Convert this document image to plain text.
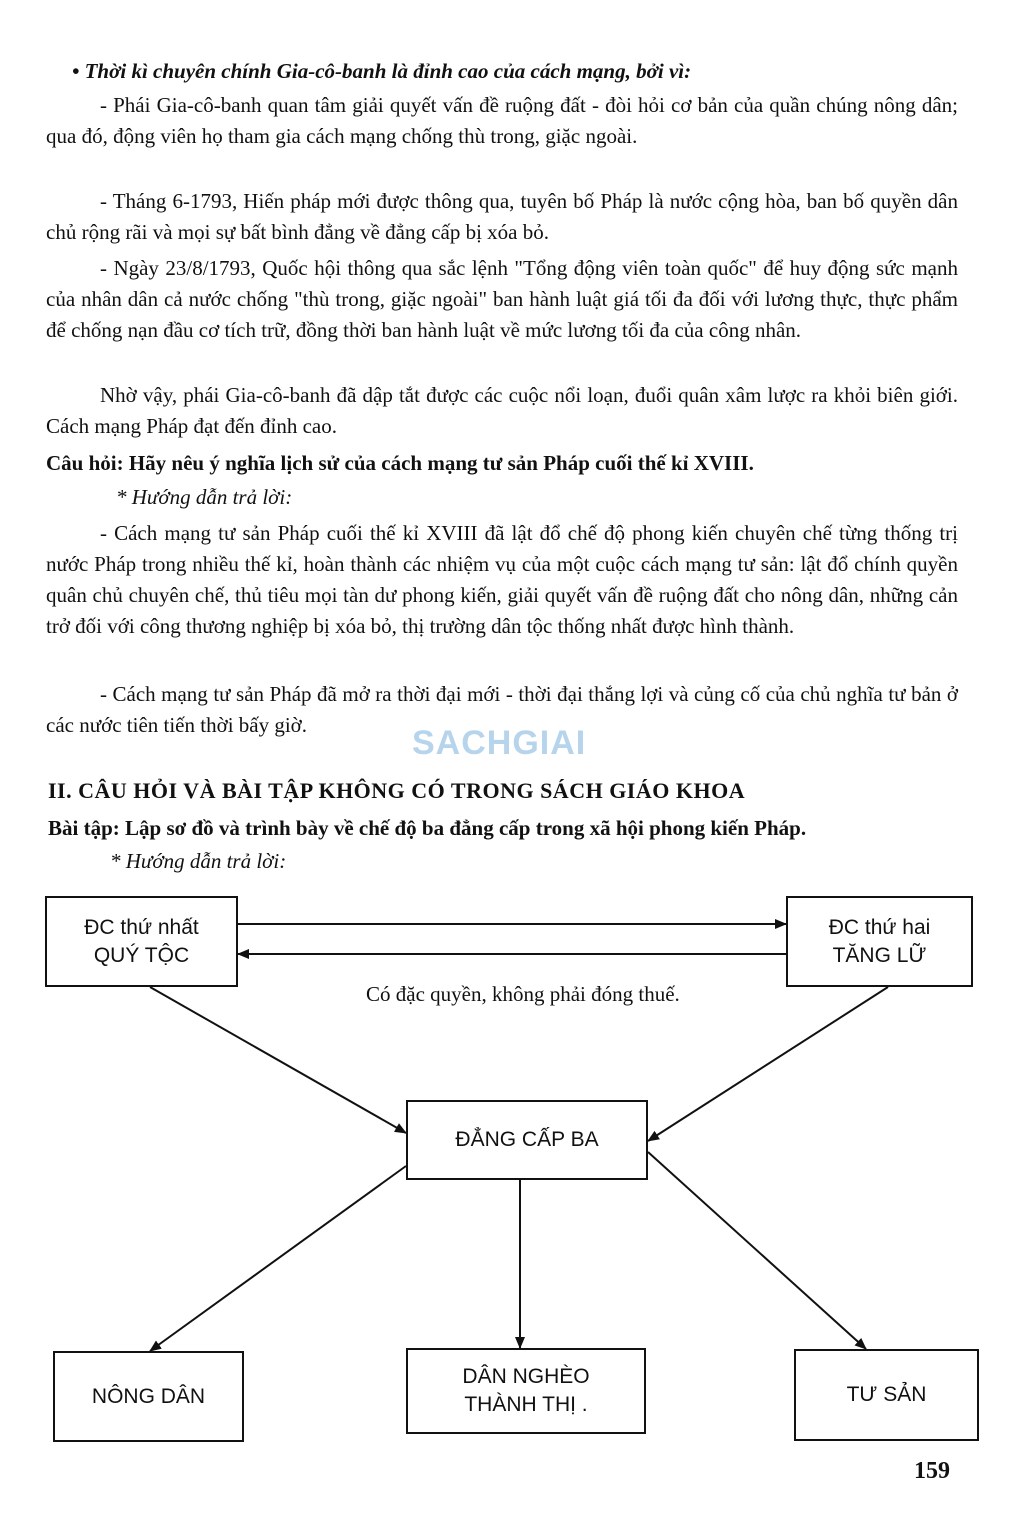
• Thời kì chuyên chính Gia-cô-banh là đỉnh cao của cách mạng, bởi vì:

- Phái Gia-cô-banh quan tâm giải quyết vấn đề ruộng đất - đòi hỏi cơ bản của quần chúng nông dân; qua đó, động viên họ tham gia cách mạng chống thù trong, giặc ngoài.

- Tháng 6-1793, Hiến pháp mới được thông qua, tuyên bố Pháp là nước cộng hòa, ban bố quyền dân chủ rộng rãi và mọi sự bất bình đẳng về đẳng cấp bị xóa bỏ.

- Ngày 23/8/1793, Quốc hội thông qua sắc lệnh "Tổng động viên toàn quốc" để huy động sức mạnh của nhân dân cả nước chống "thù trong, giặc ngoài" ban hành luật giá tối đa đối với lương thực, thực phẩm để chống nạn đầu cơ tích trữ, đồng thời ban hành luật về mức lương tối đa của công nhân.

Nhờ vậy, phái Gia-cô-banh đã dập tắt được các cuộc nổi loạn, đuổi quân xâm lược ra khỏi biên giới. Cách mạng Pháp đạt đến đỉnh cao.

Câu hỏi: Hãy nêu ý nghĩa lịch sử của cách mạng tư sản Pháp cuối thế kỉ XVIII.

* Hướng dẫn trả lời:

- Cách mạng tư sản Pháp cuối thế kỉ XVIII đã lật đổ chế độ phong kiến chuyên chế từng thống trị nước Pháp trong nhiều thế kỉ, hoàn thành các nhiệm vụ của một cuộc cách mạng tư sản: lật đổ chính quyền quân chủ chuyên chế, thủ tiêu mọi tàn dư phong kiến, giải quyết vấn đề ruộng đất cho nông dân, những cản trở đối với công thương nghiệp bị xóa bỏ, thị trường dân tộc thống nhất được hình thành.

- Cách mạng tư sản Pháp đã mở ra thời đại mới - thời đại thắng lợi và củng cố của chủ nghĩa tư bản ở các nước tiên tiến thời bấy giờ.	SACHGIAI

II. CÂU HỎI VÀ BÀI TẬP KHÔNG CÓ TRONG SÁCH GIÁO KHOA

Bài tập: Lập sơ đồ và trình bày về chế độ ba đẳng cấp trong xã hội phong kiến Pháp.

* Hướng dẫn trả lời:

ĐC thứ nhất
QUÝ TỘC
ĐC thứ hai
TĂNG LỮ
Có đặc quyền, không phải đóng thuế.
ĐẲNG CẤP BA
NÔNG DÂN
DÂN NGHÈO
THÀNH THỊ .	TƯ SẢN
159
